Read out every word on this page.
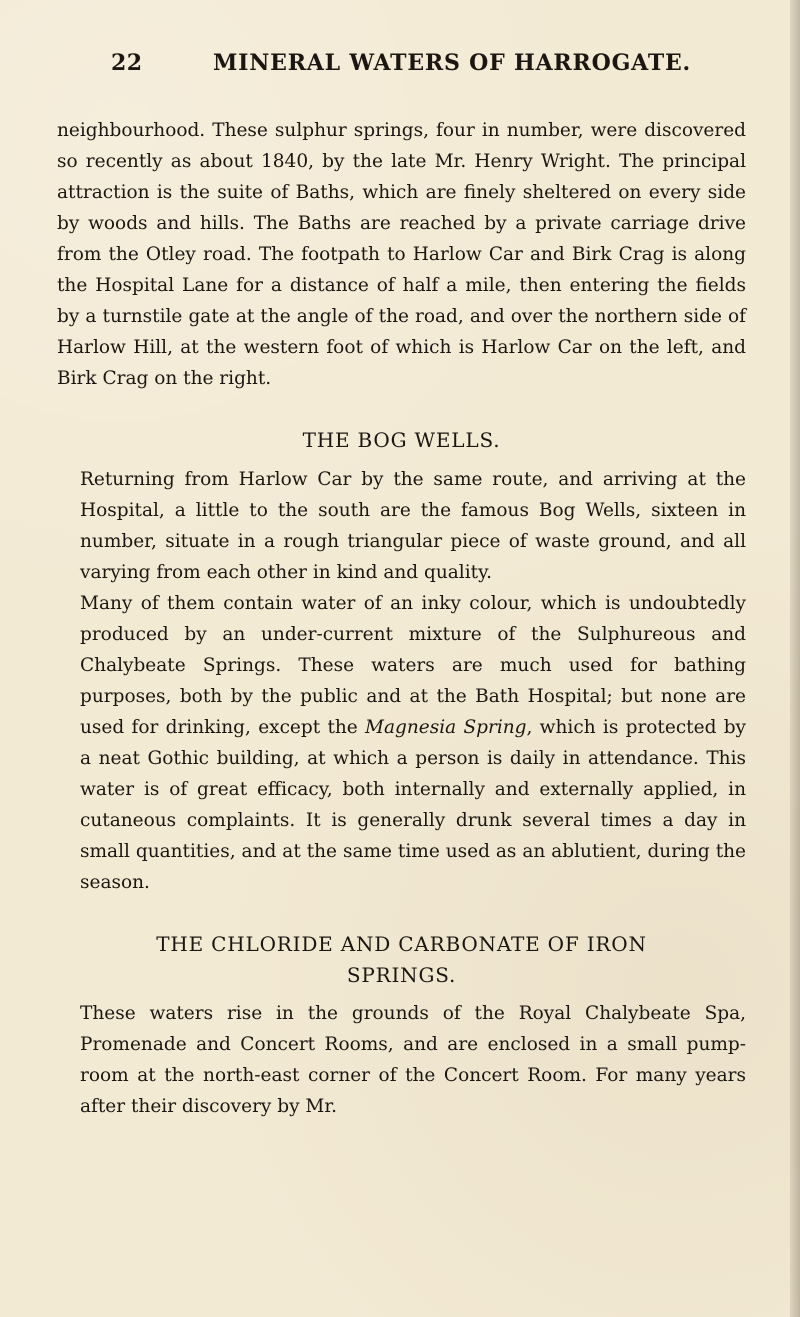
22	MINERAL WATERS OF HARROGATE.

neighbourhood. These sulphur springs, four in number, were discovered so recently as about 1840, by the late Mr. Henry Wright. The principal attraction is the suite of Baths, which are finely sheltered on every side by woods and hills. The Baths are reached by a private carriage drive from the Otley road. The footpath to Harlow Car and Birk Crag is along the Hospital Lane for a distance of half a mile, then entering the fields by a turnstile gate at the angle of the road, and over the northern side of Harlow Hill, at the western foot of which is Harlow Car on the left, and Birk Crag on the right.

THE BOG WELLS.

Returning from Harlow Car by the same route, and arriving at the Hospital, a little to the south are the famous Bog Wells, sixteen in number, situate in a rough triangular piece of waste ground, and all varying from each other in kind and quality.

Many of them contain water of an inky colour, which is undoubtedly produced by an under-current mixture of the Sulphureous and Chalybeate Springs. These waters are much used for bathing purposes, both by the public and at the Bath Hospital; but none are used for drinking, except the Magnesia Spring, which is protected by a neat Gothic building, at which a person is daily in attendance. This water is of great efficacy, both internally and externally applied, in cutaneous complaints. It is generally drunk several times a day in small quantities, and at the same time used as an ablutient, during the season.

THE CHLORIDE AND CARBONATE OF IRON
SPRINGS.

These waters rise in the grounds of the Royal Chalybeate Spa, Promenade and Concert Rooms, and are enclosed in a small pump-room at the north-east corner of the Concert Room. For many years after their discovery by Mr.
